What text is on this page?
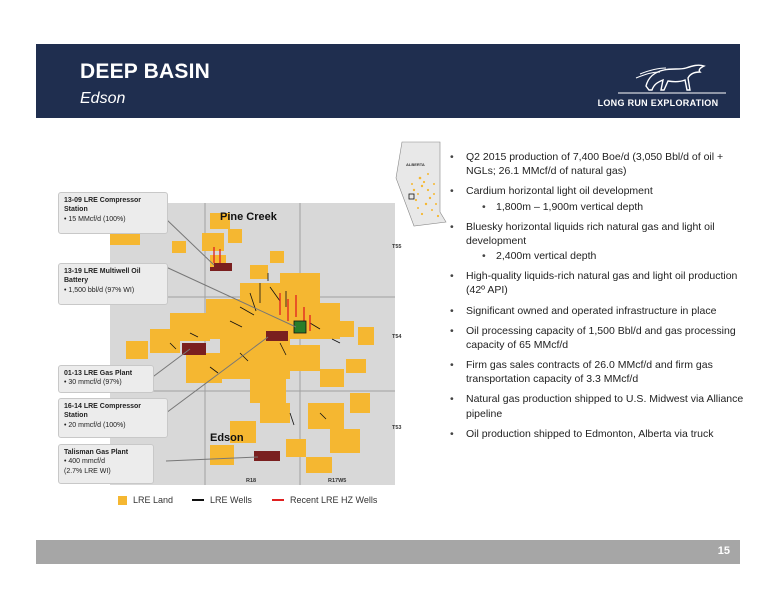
DEEP BASIN
Edson	LONG RUN EXPLORATION
ALBERTA
Pine Creek
Edson
T55
T54
T53
R18	R17W5
13-09 LRE Compressor Station
• 15 MMcf/d (100%)
13-19 LRE Multiwell Oil Battery
• 1,500 bbl/d (97% WI)
01-13 LRE Gas Plant
• 30 mmcf/d (97%)
16-14 LRE Compressor Station
• 20 mmcf/d (100%)
Talisman Gas Plant
• 400 mmcf/d
(2.7% LRE WI)
LRE Land	LRE Wells	Recent LRE HZ Wells
• Q2 2015 production of 7,400 Boe/d (3,050 Bbl/d of oil + NGLs; 26.1 MMcf/d of natural gas)
• Cardium horizontal light oil development
• 1,800m – 1,900m vertical depth
• Bluesky horizontal liquids rich natural gas and light oil development
• 2,400m vertical depth
• High-quality liquids-rich natural gas and light oil production (42º API)
• Significant owned and operated infrastructure in place
• Oil processing capacity of 1,500 Bbl/d and gas processing capacity of 65 MMcf/d
• Firm gas sales contracts of 26.0 MMcf/d and firm gas transportation capacity of 3.3 MMcf/d
• Natural gas production shipped to U.S. Midwest via Alliance pipeline
• Oil production shipped to Edmonton, Alberta via truck
15
